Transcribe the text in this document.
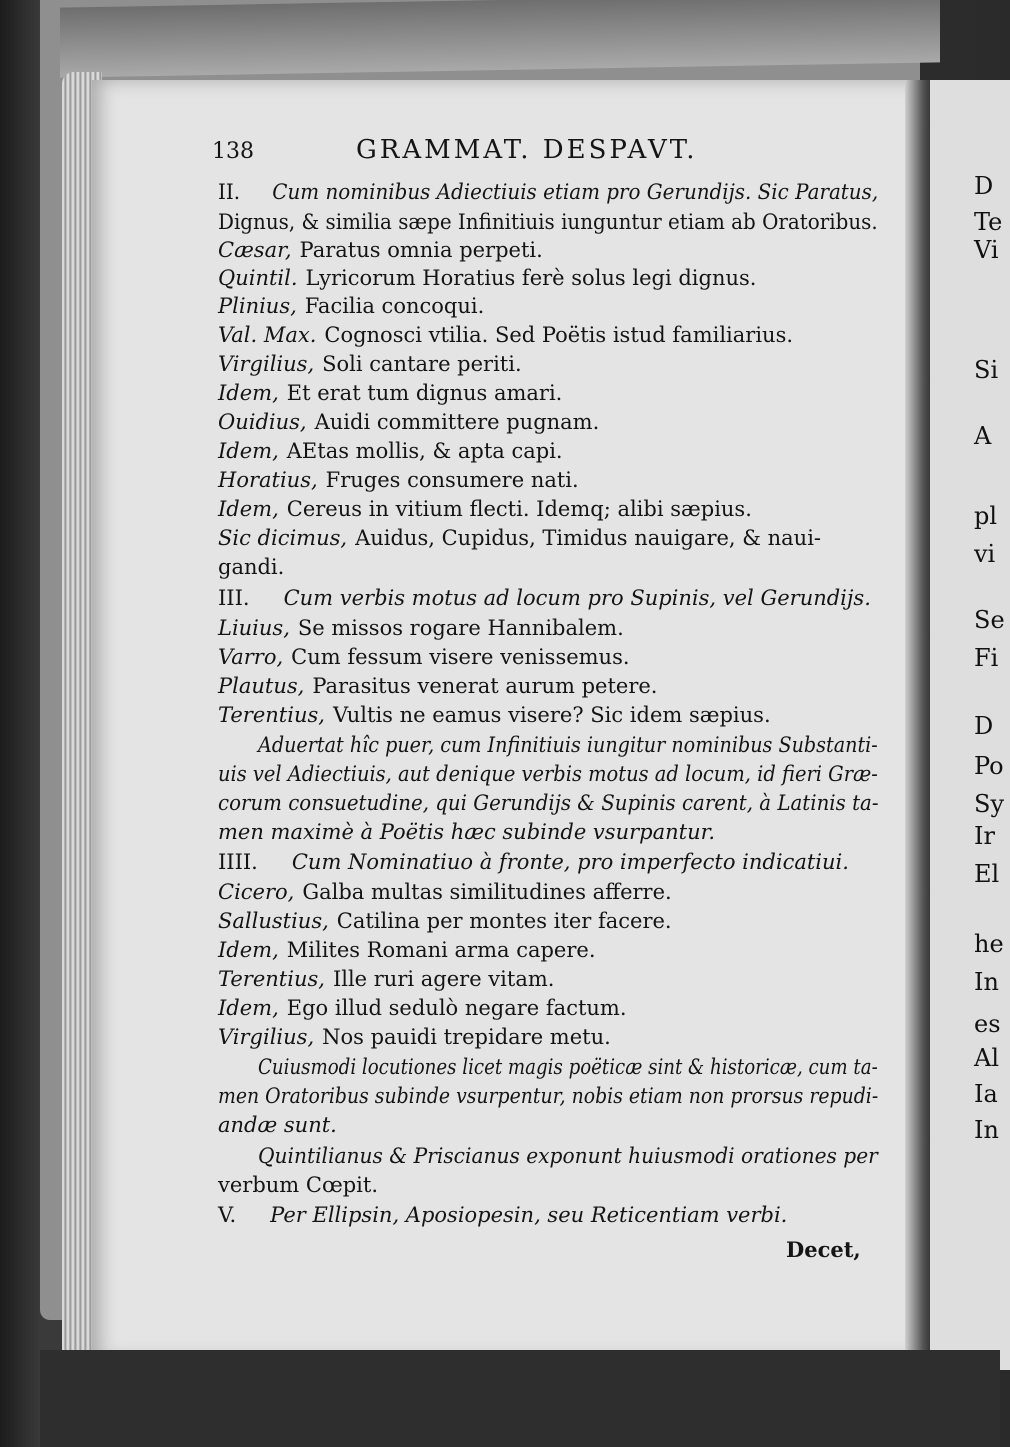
138	GRAMMAT. DESPAVT.
II. Cum nominibus Adiectiuis etiam pro Gerundijs. Sic Paratus,
Dignus, & similia sæpe Infinitiuis iunguntur etiam ab Oratoribus.
Cæsar, Paratus omnia perpeti.
Quintil. Lyricorum Horatius ferè solus legi dignus.
Plinius, Facilia concoqui.
Val. Max. Cognosci vtilia. Sed Poëtis istud familiarius.
Virgilius, Soli cantare periti.
Idem, Et erat tum dignus amari.
Ouidius, Auidi committere pugnam.
Idem, AEtas mollis, & apta capi.
Horatius, Fruges consumere nati.
Idem, Cereus in vitium flecti. Idemq; alibi sæpius.
Sic dicimus, Auidus, Cupidus, Timidus nauigare, & naui-
gandi.
III. Cum verbis motus ad locum pro Supinis, vel Gerundijs.
Liuius, Se missos rogare Hannibalem.
Varro, Cum fessum visere venissemus.
Plautus, Parasitus venerat aurum petere.
Terentius, Vultis ne eamus visere? Sic idem sæpius.
Aduertat hîc puer, cum Infinitiuis iungitur nominibus Substanti-
uis vel Adiectiuis, aut denique verbis motus ad locum, id fieri Græ-
corum consuetudine, qui Gerundijs & Supinis carent, à Latinis ta-
men maximè à Poëtis hæc subinde vsurpantur.
IIII. Cum Nominatiuo à fronte, pro imperfecto indicatiui.
Cicero, Galba multas similitudines afferre.
Sallustius, Catilina per montes iter facere.
Idem, Milites Romani arma capere.
Terentius, Ille ruri agere vitam.
Idem, Ego illud sedulò negare factum.
Virgilius, Nos pauidi trepidare metu.
Cuiusmodi locutiones licet magis poëticæ sint & historicæ, cum ta-
men Oratoribus subinde vsurpentur, nobis etiam non prorsus repudi-
andæ sunt.
Quintilianus & Priscianus exponunt huiusmodi orationes per
verbum Cœpit.
V. Per Ellipsin, Aposiopesin, seu Reticentiam verbi.
Decet,
D
Te
Vi
Si
A
pl
vi
Se
Fi
D
Po
Sy
Ir
El
he
In
es
Al
Ia
In
